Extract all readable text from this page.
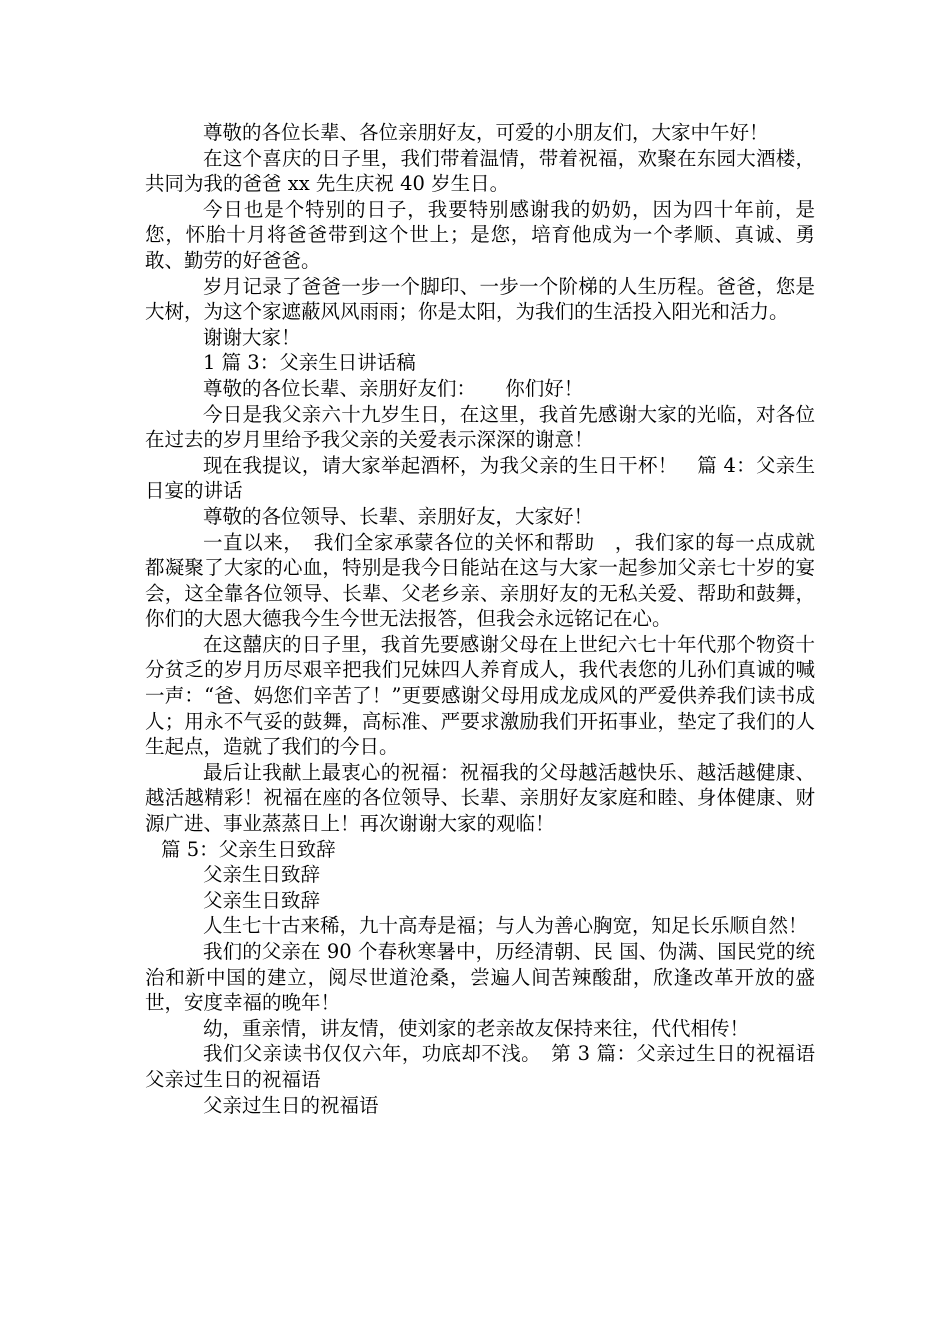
尊敬的各位长辈、各位亲朋好友，可爱的小朋友们，大家中午好！

在这个喜庆的日子里，我们带着温情，带着祝福，欢聚在东园大酒楼，共同为我的爸爸 xx 先生庆祝 40 岁生日。

今日也是个特别的日子，我要特别感谢我的奶奶，因为四十年前，是您，怀胎十月将爸爸带到这个世上；是您，培育他成为一个孝顺、真诚、勇敢、勤劳的好爸爸。

岁月记录了爸爸一步一个脚印、一步一个阶梯的人生历程。爸爸，您是大树，为这个家遮蔽风风雨雨；你是太阳，为我们的生活投入阳光和活力。

谢谢大家！

1 篇 3：父亲生日讲话稿

尊敬的各位长辈、亲朋好友们：　　你们好！

今日是我父亲六十九岁生日，在这里，我首先感谢大家的光临，对各位在过去的岁月里给予我父亲的关爱表示深深的谢意！

现在我提议，请大家举起酒杯，为我父亲的生日干杯！　篇 4：父亲生日宴的讲话

尊敬的各位领导、长辈、亲朋好友，大家好！

一直以来，　我们全家承蒙各位的关怀和帮助　，我们家的每一点成就都凝聚了大家的心血，特别是我今日能站在这与大家一起参加父亲七十岁的宴会，这全靠各位领导、长辈、父老乡亲、亲朋好友的无私关爱、帮助和鼓舞，你们的大恩大德我今生今世无法报答，但我会永远铭记在心。

在这囍庆的日子里，我首先要感谢父母在上世纪六七十年代那个物资十分贫乏的岁月历尽艰辛把我们兄妹四人养育成人，我代表您的儿孙们真诚的喊一声：“爸、妈您们辛苦了！”更要感谢父母用成龙成风的严爱供养我们读书成人；用永不气妥的鼓舞，高标准、严要求激励我们开拓事业，垫定了我们的人生起点，造就了我们的今日。

最后让我献上最衷心的祝福：祝福我的父母越活越快乐、越活越健康、越活越精彩！祝福在座的各位领导、长辈、亲朋好友家庭和睦、身体健康、财源广进、事业蒸蒸日上！再次谢谢大家的观临！

篇 5：父亲生日致辞

父亲生日致辞

父亲生日致辞

人生七十古来稀，九十高寿是福；与人为善心胸宽，知足长乐顺自然！

我们的父亲在 90 个春秋寒暑中，历经清朝、民 国、伪满、国民党的统治和新中国的建立，阅尽世道沧桑，尝遍人间苦辣酸甜，欣逢改革开放的盛世，安度幸福的晚年！

幼，重亲情，讲友情，使刘家的老亲故友保持来往，代代相传！

我们父亲读书仅仅六年，功底却不浅。　第 3 篇：父亲过生日的祝福语父亲过生日的祝福语

父亲过生日的祝福语
